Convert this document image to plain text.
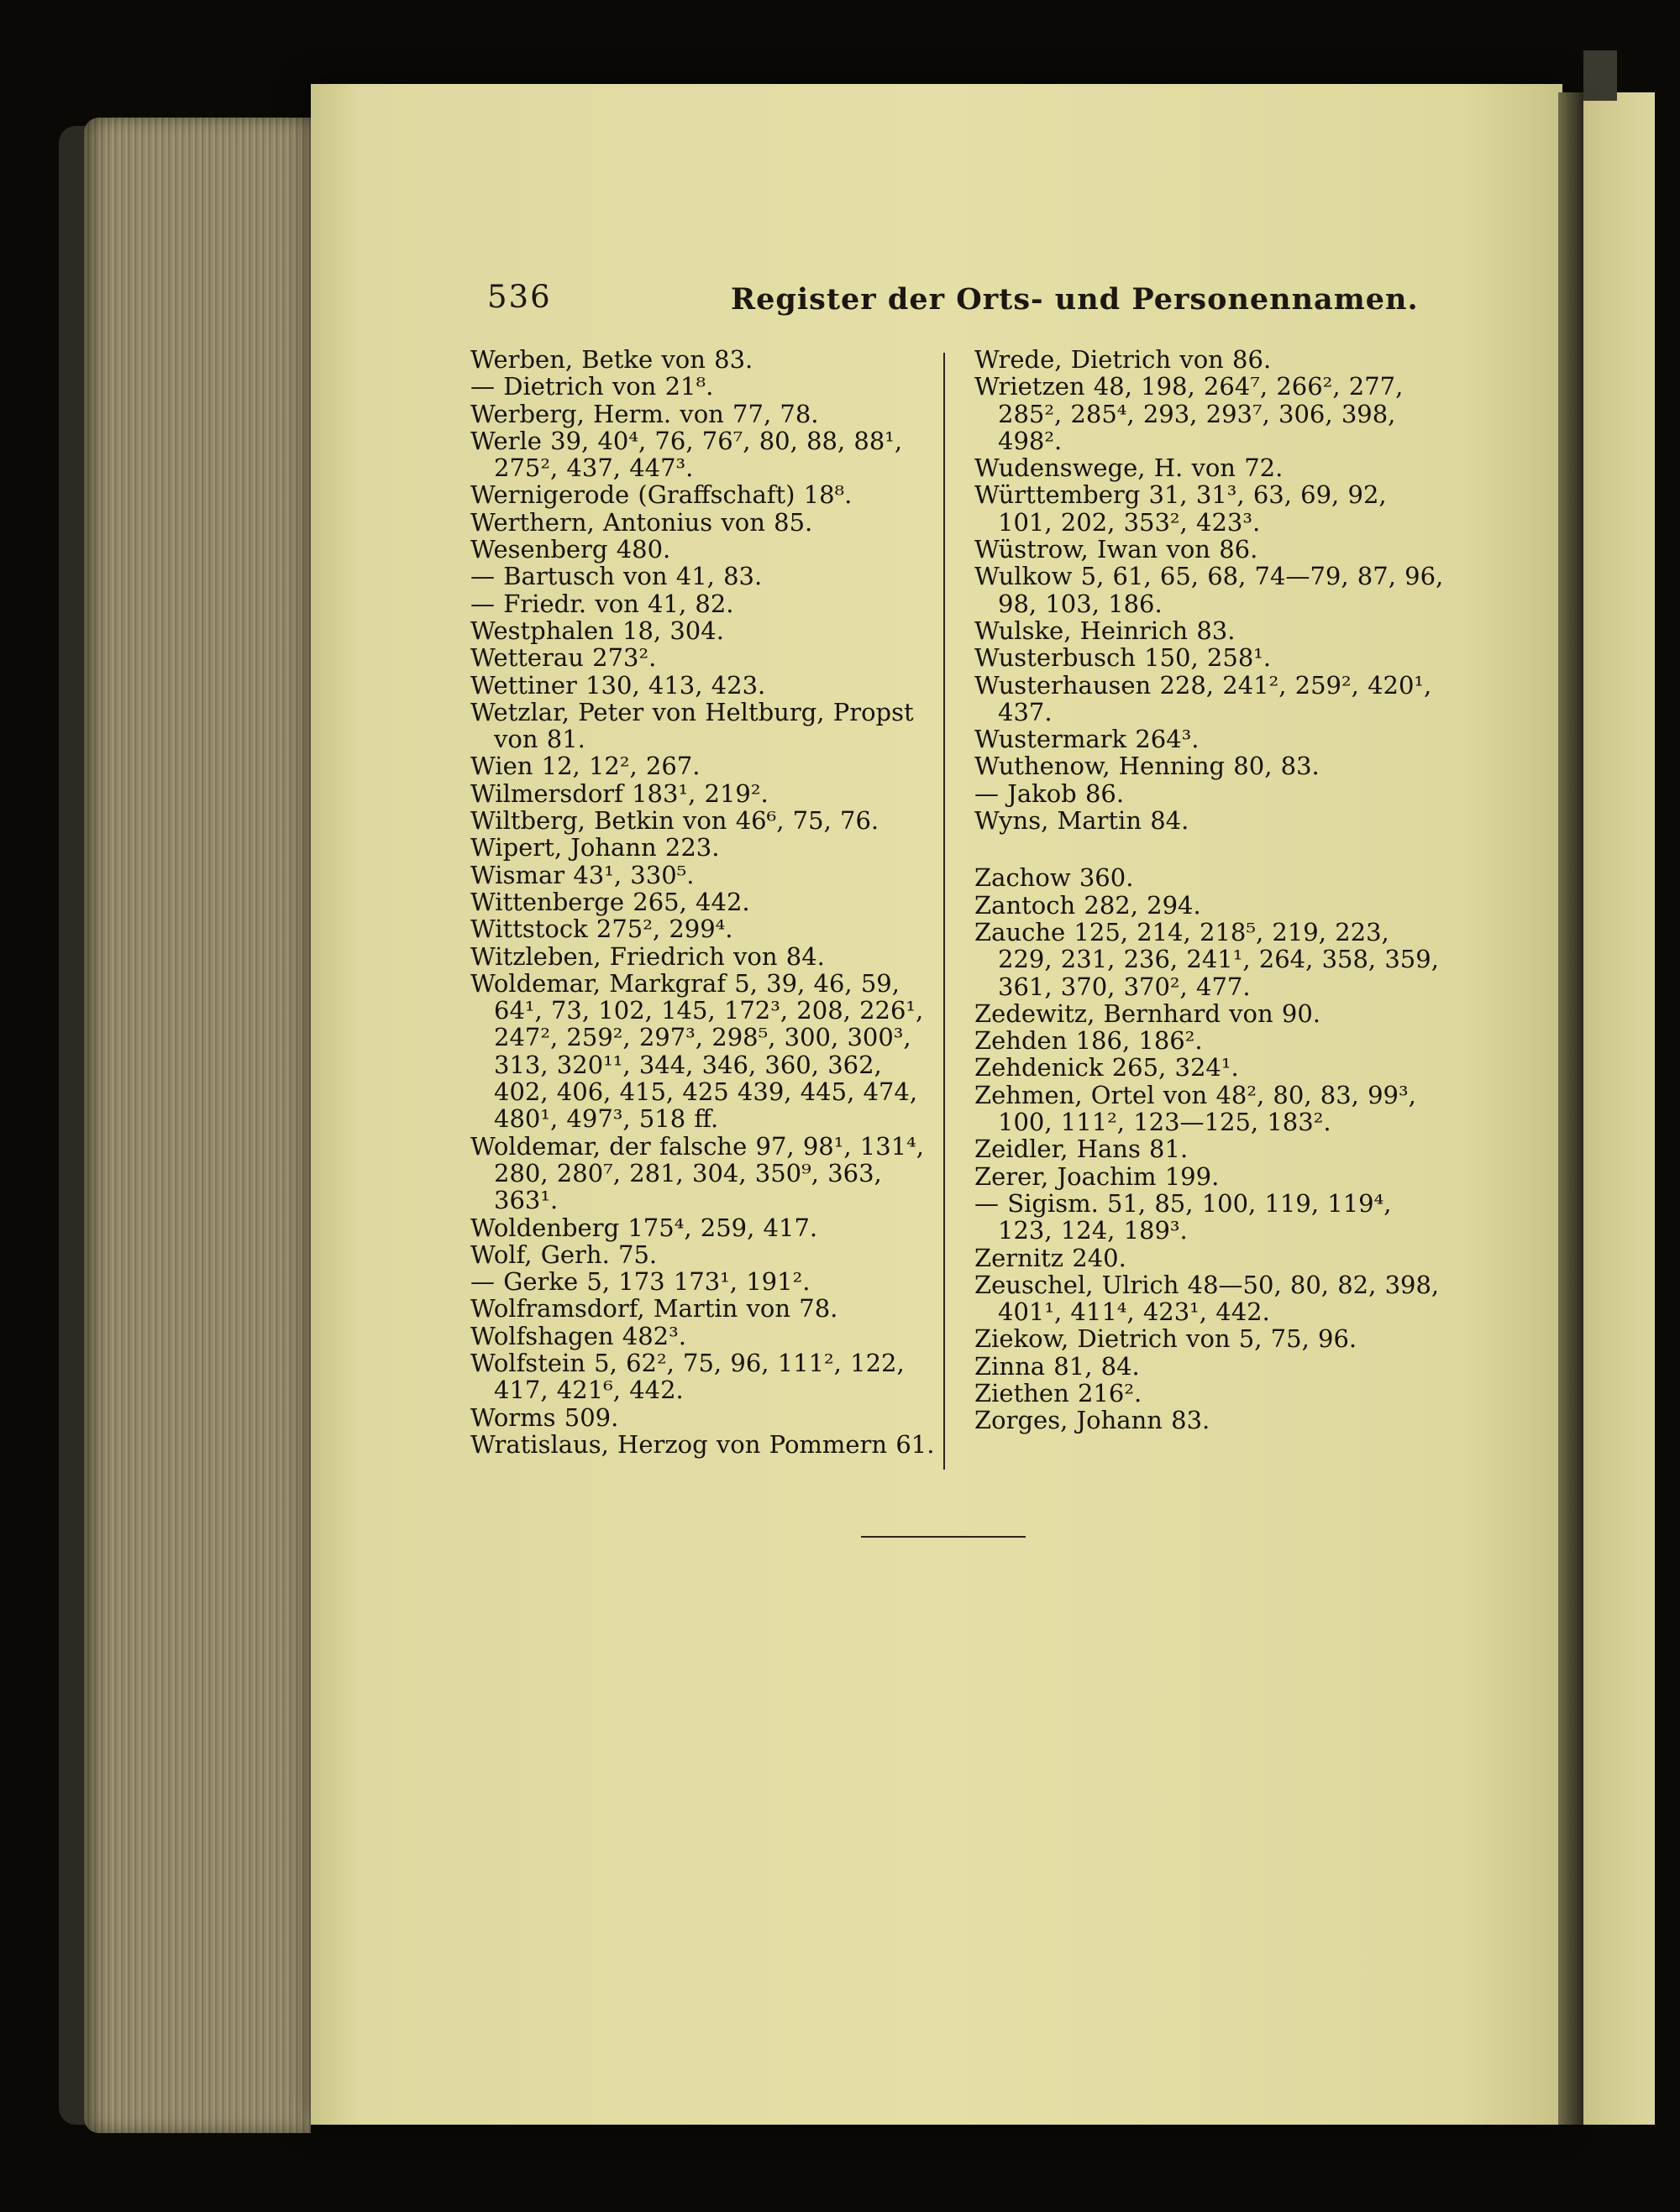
536	Register der Orts- und Personennamen.
Werben, Betke von 83.
— Dietrich von 21⁸.
Werberg, Herm. von 77, 78.
Werle 39, 40⁴, 76, 76⁷, 80, 88, 88¹, 275², 437, 447³.
Wernigerode (Graffschaft) 18⁸.
Werthern, Antonius von 85.
Wesenberg 480.
— Bartusch von 41, 83.
— Friedr. von 41, 82.
Westphalen 18, 304.
Wetterau 273².
Wettiner 130, 413, 423.
Wetzlar, Peter von Heltburg, Propst von 81.
Wien 12, 12², 267.
Wilmersdorf 183¹, 219².
Wiltberg, Betkin von 46⁶, 75, 76.
Wipert, Johann 223.
Wismar 43¹, 330⁵.
Wittenberge 265, 442.
Wittstock 275², 299⁴.
Witzleben, Friedrich von 84.
Woldemar, Markgraf 5, 39, 46, 59, 64¹, 73, 102, 145, 172³, 208, 226¹, 247², 259², 297³, 298⁵, 300, 300³, 313, 320¹¹, 344, 346, 360, 362, 402, 406, 415, 425 439, 445, 474, 480¹, 497³, 518 ff.
Woldemar, der falsche 97, 98¹, 131⁴, 280, 280⁷, 281, 304, 350⁹, 363, 363¹.
Woldenberg 175⁴, 259, 417.
Wolf, Gerh. 75.
— Gerke 5, 173 173¹, 191².
Wolframsdorf, Martin von 78.
Wolfshagen 482³.
Wolfstein 5, 62², 75, 96, 111², 122, 417, 421⁶, 442.
Worms 509.
Wratislaus, Herzog von Pommern 61.
Wrede, Dietrich von 86.
Wrietzen 48, 198, 264⁷, 266², 277, 285², 285⁴, 293, 293⁷, 306, 398, 498².
Wudenswege, H. von 72.
Württemberg 31, 31³, 63, 69, 92, 101, 202, 353², 423³.
Wüstrow, Iwan von 86.
Wulkow 5, 61, 65, 68, 74—79, 87, 96, 98, 103, 186.
Wulske, Heinrich 83.
Wusterbusch 150, 258¹.
Wusterhausen 228, 241², 259², 420¹, 437.
Wustermark 264³.
Wuthenow, Henning 80, 83.
— Jakob 86.
Wyns, Martin 84.
Zachow 360.
Zantoch 282, 294.
Zauche 125, 214, 218⁵, 219, 223, 229, 231, 236, 241¹, 264, 358, 359, 361, 370, 370², 477.
Zedewitz, Bernhard von 90.
Zehden 186, 186².
Zehdenick 265, 324¹.
Zehmen, Ortel von 48², 80, 83, 99³, 100, 111², 123—125, 183².
Zeidler, Hans 81.
Zerer, Joachim 199.
— Sigism. 51, 85, 100, 119, 119⁴, 123, 124, 189³.
Zernitz 240.
Zeuschel, Ulrich 48—50, 80, 82, 398, 401¹, 411⁴, 423¹, 442.
Ziekow, Dietrich von 5, 75, 96.
Zinna 81, 84.
Ziethen 216².
Zorges, Johann 83.
